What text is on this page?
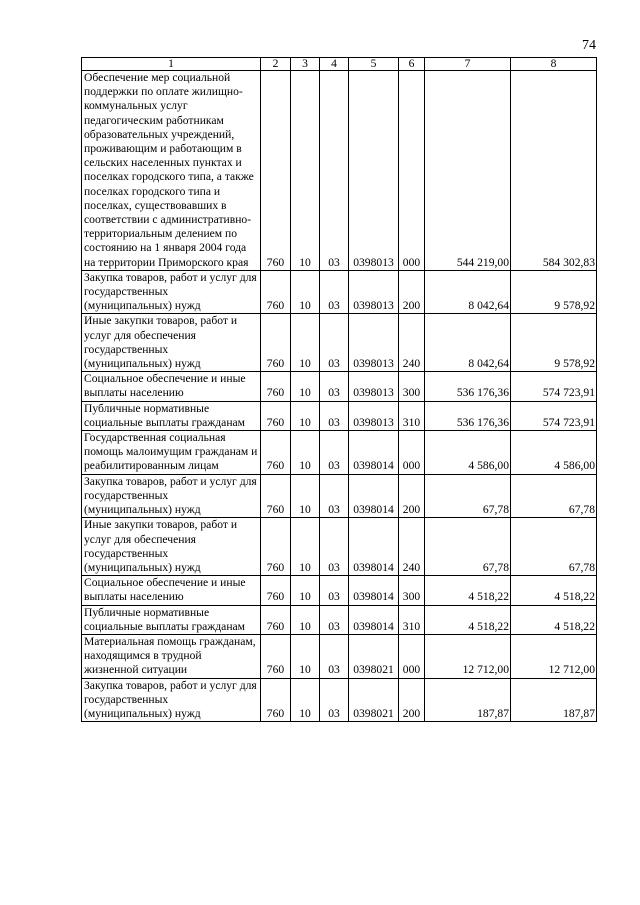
74
1	2	3	4	5	6	7	8
Обеспечение мер социальной поддержки по оплате жилищно-коммунальных услуг педагогическим работникам образовательных учреждений, проживающим и работающим в сельских населенных пунктах и поселках городского типа, а также поселках городского типа и поселках, существовавших в соответствии с административно-территориальным делением по состоянию на 1 января 2004 года на территории Приморского края	760	10	03	0398013	000	544 219,00	584 302,83
Закупка товаров, работ и услуг для государственных (муниципальных) нужд	760	10	03	0398013	200	8 042,64	9 578,92
Иные закупки товаров, работ и услуг для обеспечения государственных (муниципальных) нужд	760	10	03	0398013	240	8 042,64	9 578,92
Социальное обеспечение и иные выплаты населению	760	10	03	0398013	300	536 176,36	574 723,91
Публичные нормативные социальные выплаты гражданам	760	10	03	0398013	310	536 176,36	574 723,91
Государственная социальная помощь малоимущим гражданам и реабилитированным лицам	760	10	03	0398014	000	4 586,00	4 586,00
Закупка товаров, работ и услуг для государственных (муниципальных) нужд	760	10	03	0398014	200	67,78	67,78
Иные закупки товаров, работ и услуг для обеспечения государственных (муниципальных) нужд	760	10	03	0398014	240	67,78	67,78
Социальное обеспечение и иные выплаты населению	760	10	03	0398014	300	4 518,22	4 518,22
Публичные нормативные социальные выплаты гражданам	760	10	03	0398014	310	4 518,22	4 518,22
Материальная помощь гражданам, находящимся в трудной жизненной ситуации	760	10	03	0398021	000	12 712,00	12 712,00
Закупка товаров, работ и услуг для государственных (муниципальных) нужд	760	10	03	0398021	200	187,87	187,87
